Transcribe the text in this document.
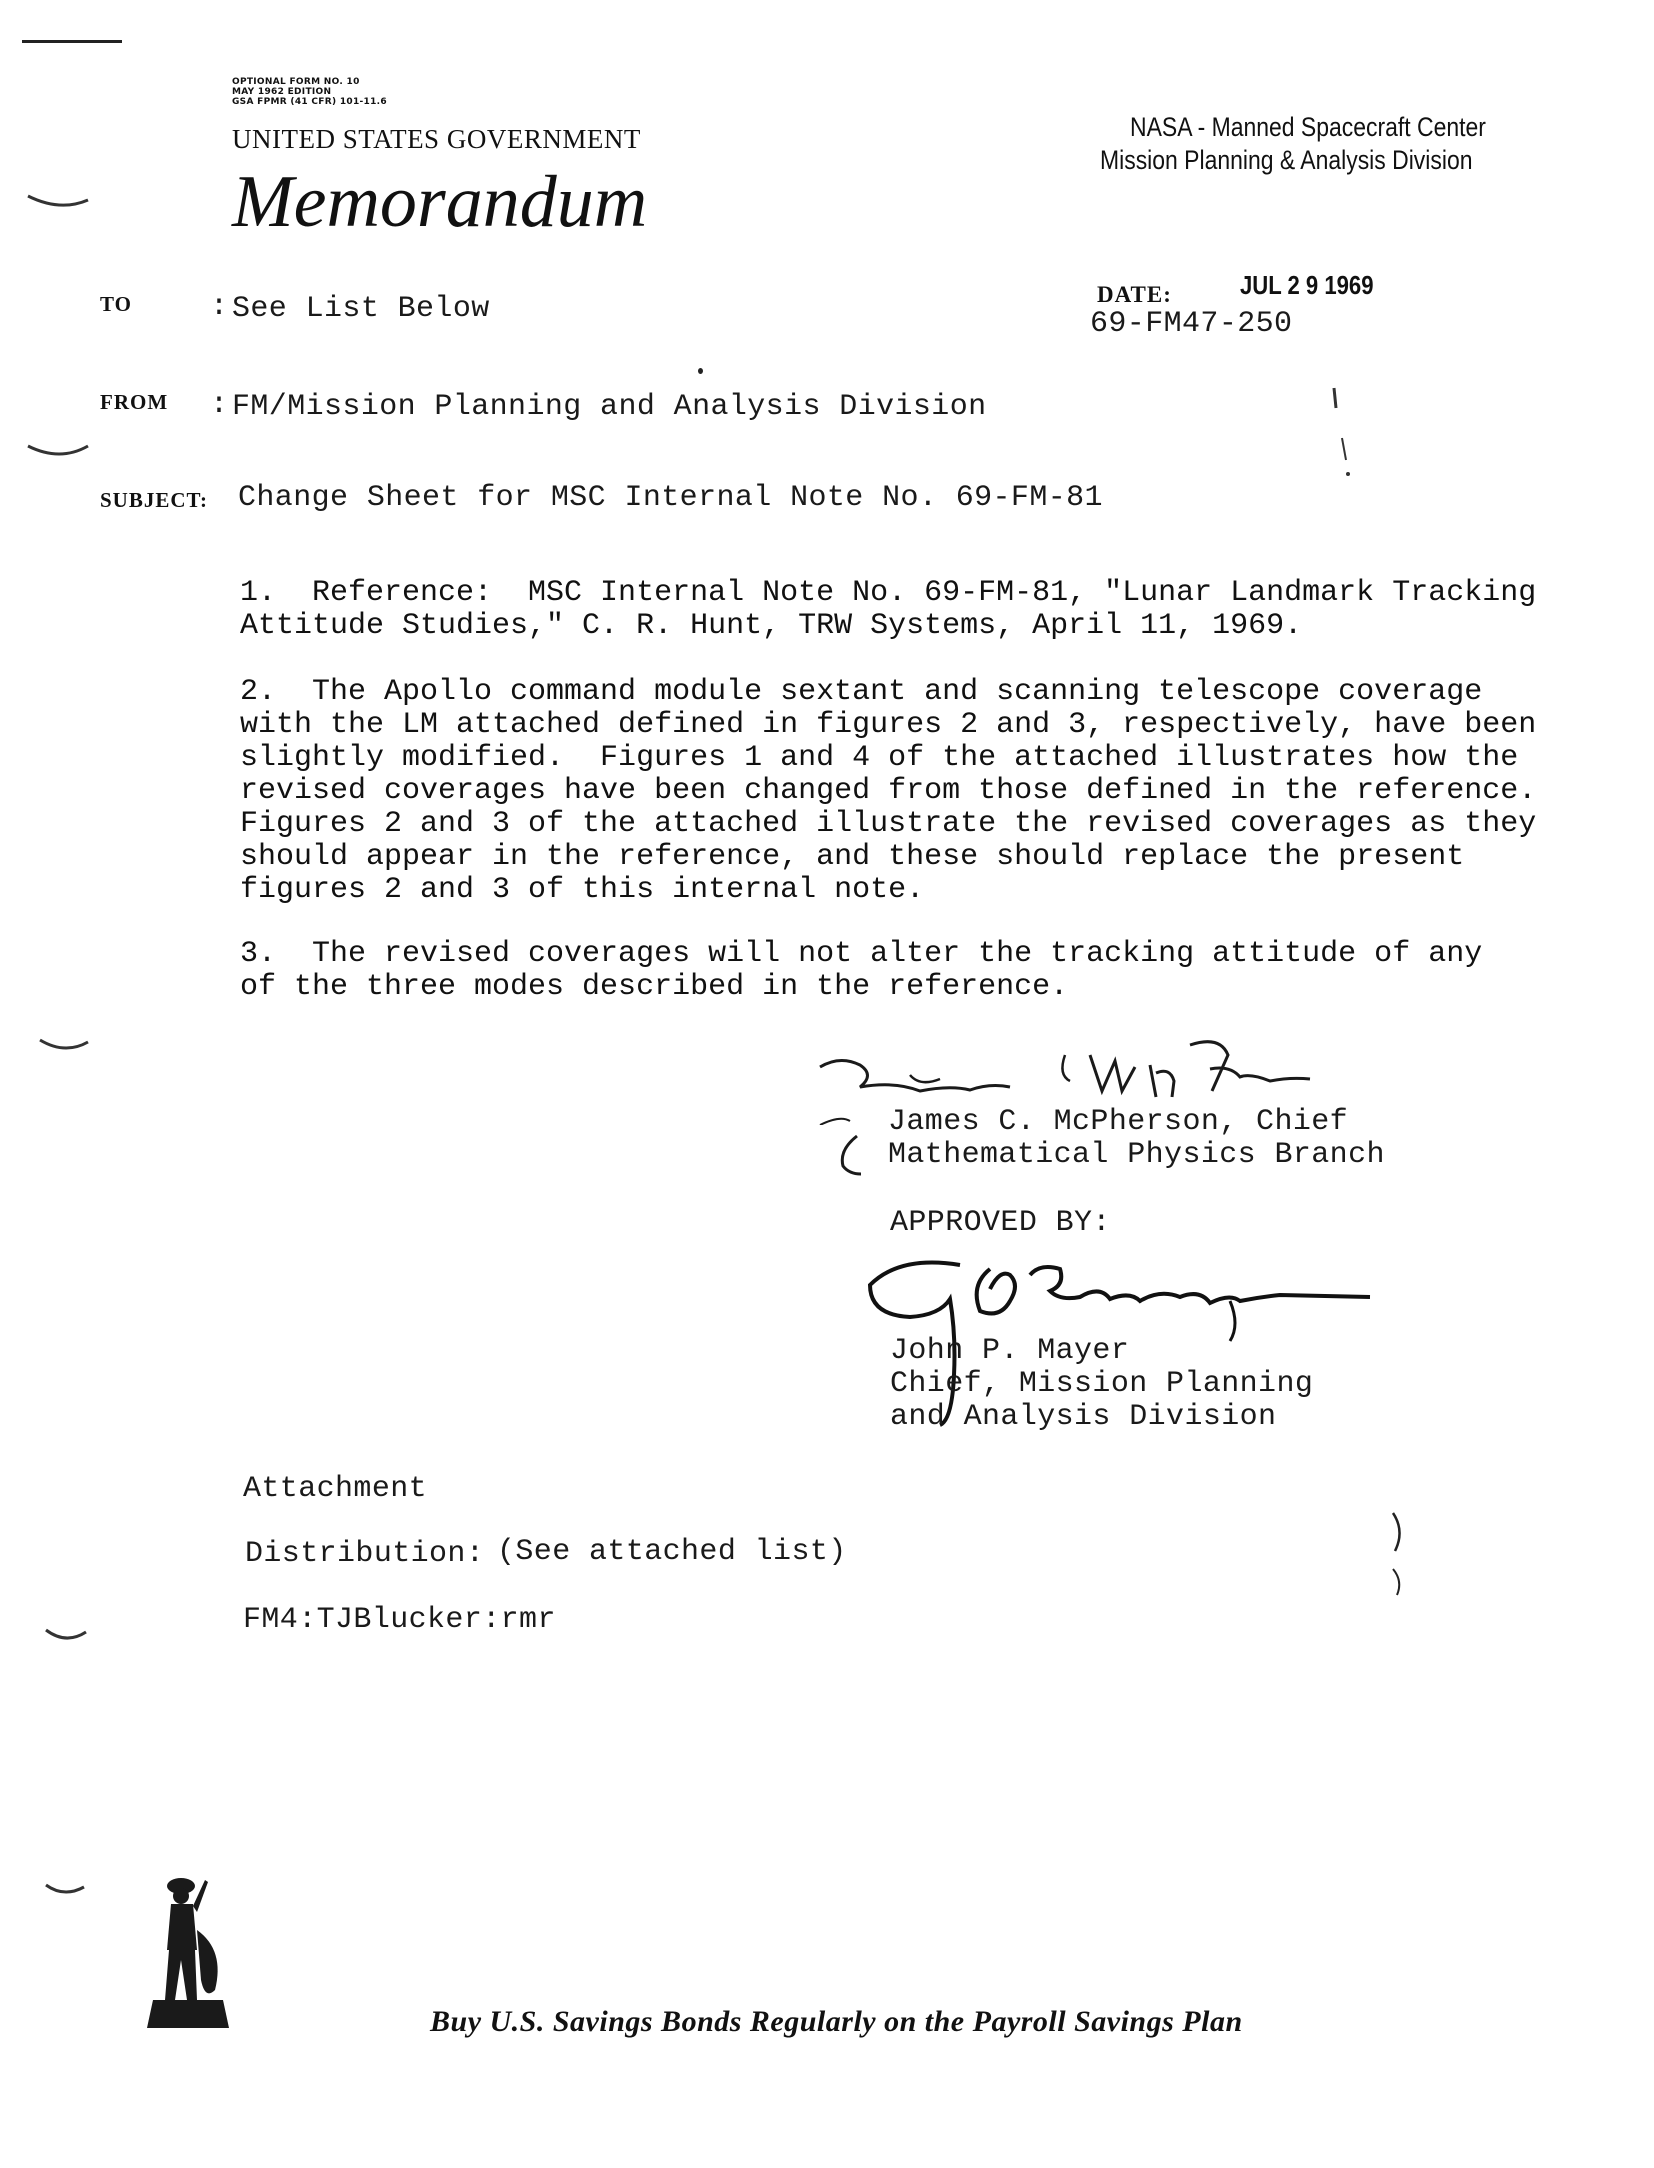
OPTIONAL FORM NO. 10
MAY 1962 EDITION
GSA FPMR (41 CFR) 101-11.6
UNITED STATES GOVERNMENT
Memorandum
NASA - Manned Spacecraft Center
Mission Planning & Analysis Division
TO	: See List Below	DATE:	JUL 2 9 1969
69-FM47-250
FROM : FM/Mission Planning and Analysis Division
SUBJECT: Change Sheet for MSC Internal Note No. 69-FM-81
1.  Reference:  MSC Internal Note No. 69-FM-81, "Lunar Landmark Tracking
Attitude Studies," C. R. Hunt, TRW Systems, April 11, 1969.
2.  The Apollo command module sextant and scanning telescope coverage
with the LM attached defined in figures 2 and 3, respectively, have been
slightly modified.  Figures 1 and 4 of the attached illustrates how the
revised coverages have been changed from those defined in the reference.
Figures 2 and 3 of the attached illustrate the revised coverages as they
should appear in the reference, and these should replace the present
figures 2 and 3 of this internal note.
3.  The revised coverages will not alter the tracking attitude of any
of the three modes described in the reference.
James C. McPherson, Chief
Mathematical Physics Branch
APPROVED BY:
John P. Mayer
Chief, Mission Planning
and Analysis Division
Attachment
Distribution: (See attached list)
FM4:TJBlucker:rmr
Buy U.S. Savings Bonds Regularly on the Payroll Savings Plan
